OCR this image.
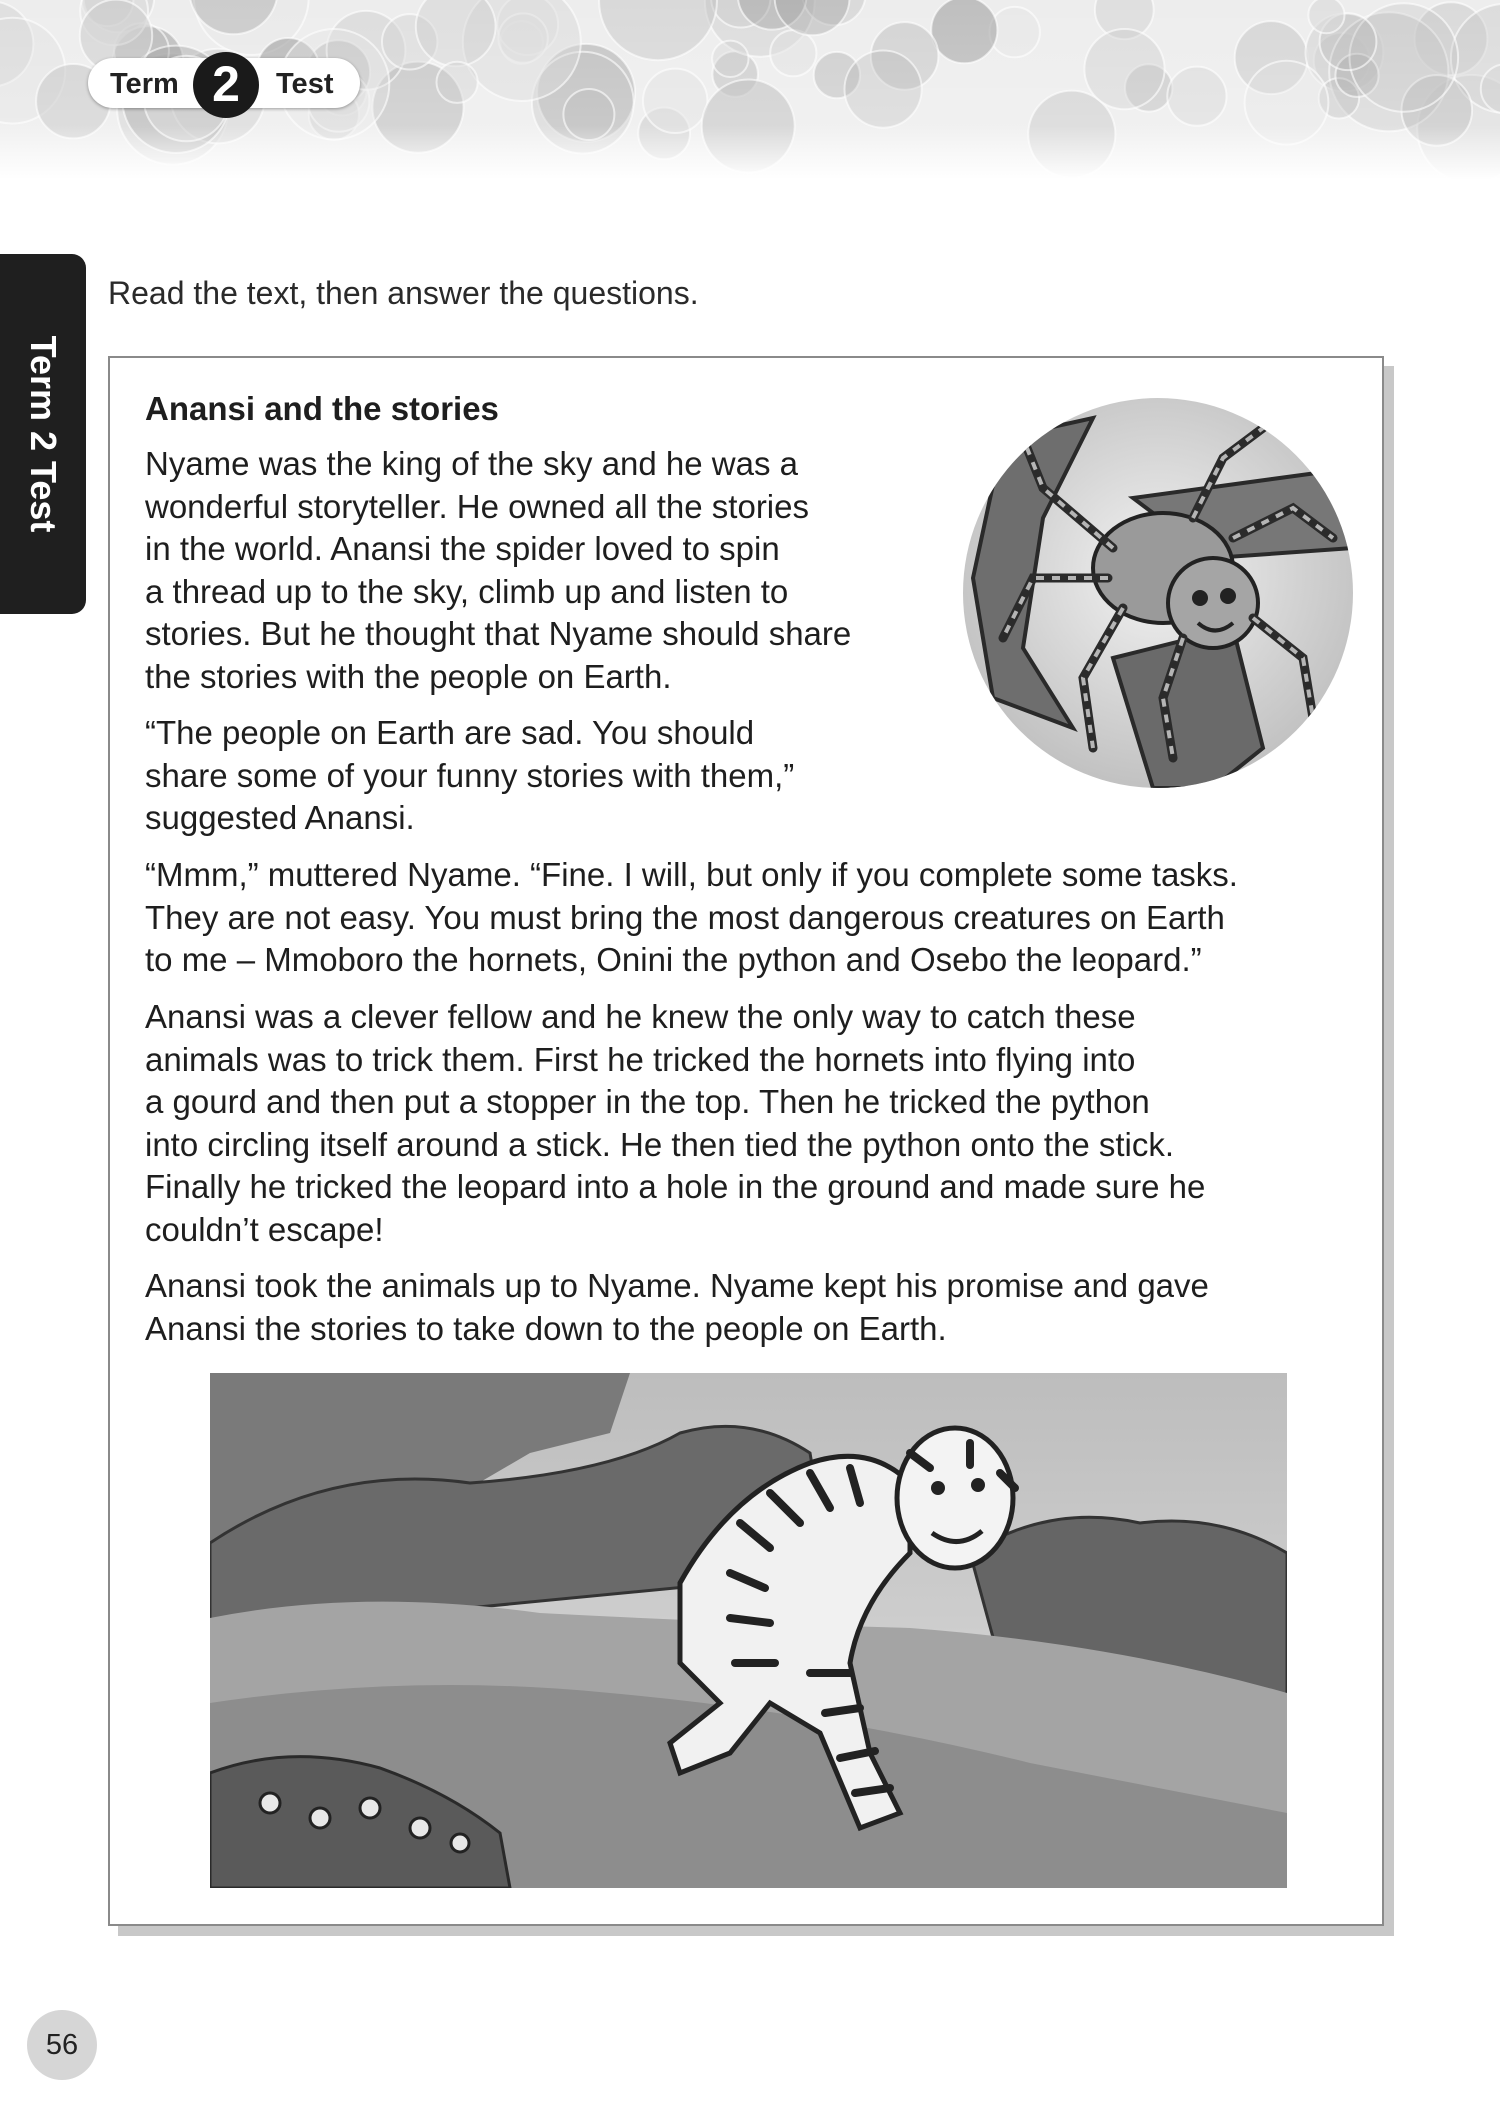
Term 2	Test
Term 2 Test
Read the text, then answer the questions.
Anansi and the stories

Nyame was the king of the sky and he was a
wonderful storyteller. He owned all the stories
in the world. Anansi the spider loved to spin
a thread up to the sky, climb up and listen to
stories. But he thought that Nyame should share
the stories with the people on Earth.

“The people on Earth are sad. You should
share some of your funny stories with them,”
suggested Anansi.

“Mmm,” muttered Nyame. “Fine. I will, but only if you complete some tasks.
They are not easy. You must bring the most dangerous creatures on Earth
to me – Mmoboro the hornets, Onini the python and Osebo the leopard.”

Anansi was a clever fellow and he knew the only way to catch these
animals was to trick them. First he tricked the hornets into flying into
a gourd and then put a stopper in the top. Then he tricked the python
into circling itself around a stick. He then tied the python onto the stick.
Finally he tricked the leopard into a hole in the ground and made sure he
couldn’t escape!

Anansi took the animals up to Nyame. Nyame kept his promise and gave
Anansi the stories to take down to the people on Earth.

56
